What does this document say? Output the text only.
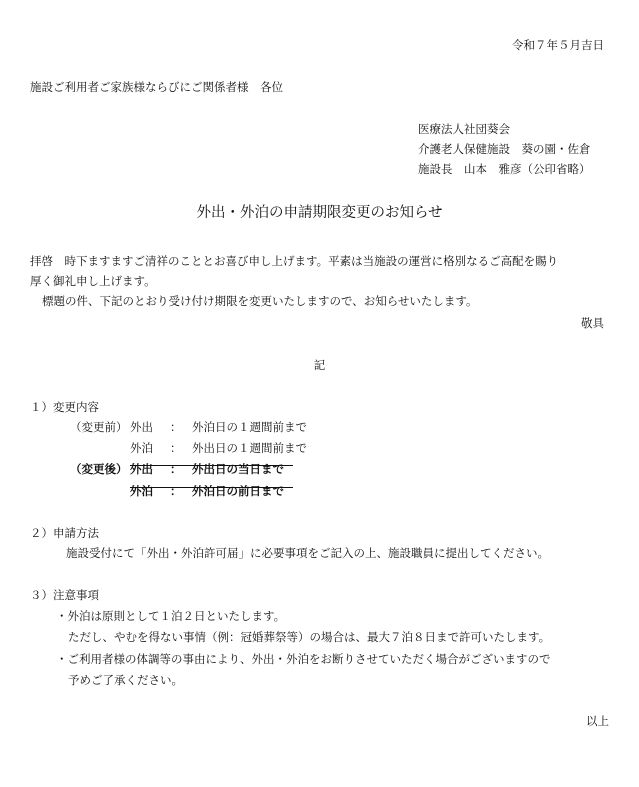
令和７年５月吉日
施設ご利用者ご家族様ならびにご関係者様　各位
医療法人社団葵会
介護老人保健施設　葵の園・佐倉
施設長　山本　雅彦（公印省略）
外出・外泊の申請期限変更のお知らせ
拝啓　時下ますますご清祥のこととお喜び申し上げます。平素は当施設の運営に格別なるご高配を賜り
厚く御礼申し上げます。
標題の件、下記のとおり受け付け期限を変更いたしますので、お知らせいたします。
敬具
記
１）変更内容
（変更前） 外出 ： 外泊日の１週間前まで
外泊 ： 外出日の１週間前まで
（変更後） 外出 ： 外出日の当日まで
外泊 ： 外泊日の前日まで
２）申請方法
施設受付にて「外出・外泊許可届」に必要事項をご記入の上、施設職員に提出してください。
３）注意事項
・外泊は原則として１泊２日といたします。
ただし、やむを得ない事情（例：冠婚葬祭等）の場合は、最大７泊８日まで許可いたします。
・ご利用者様の体調等の事由により、外出・外泊をお断りさせていただく場合がございますので
予めご了承ください。
以上
